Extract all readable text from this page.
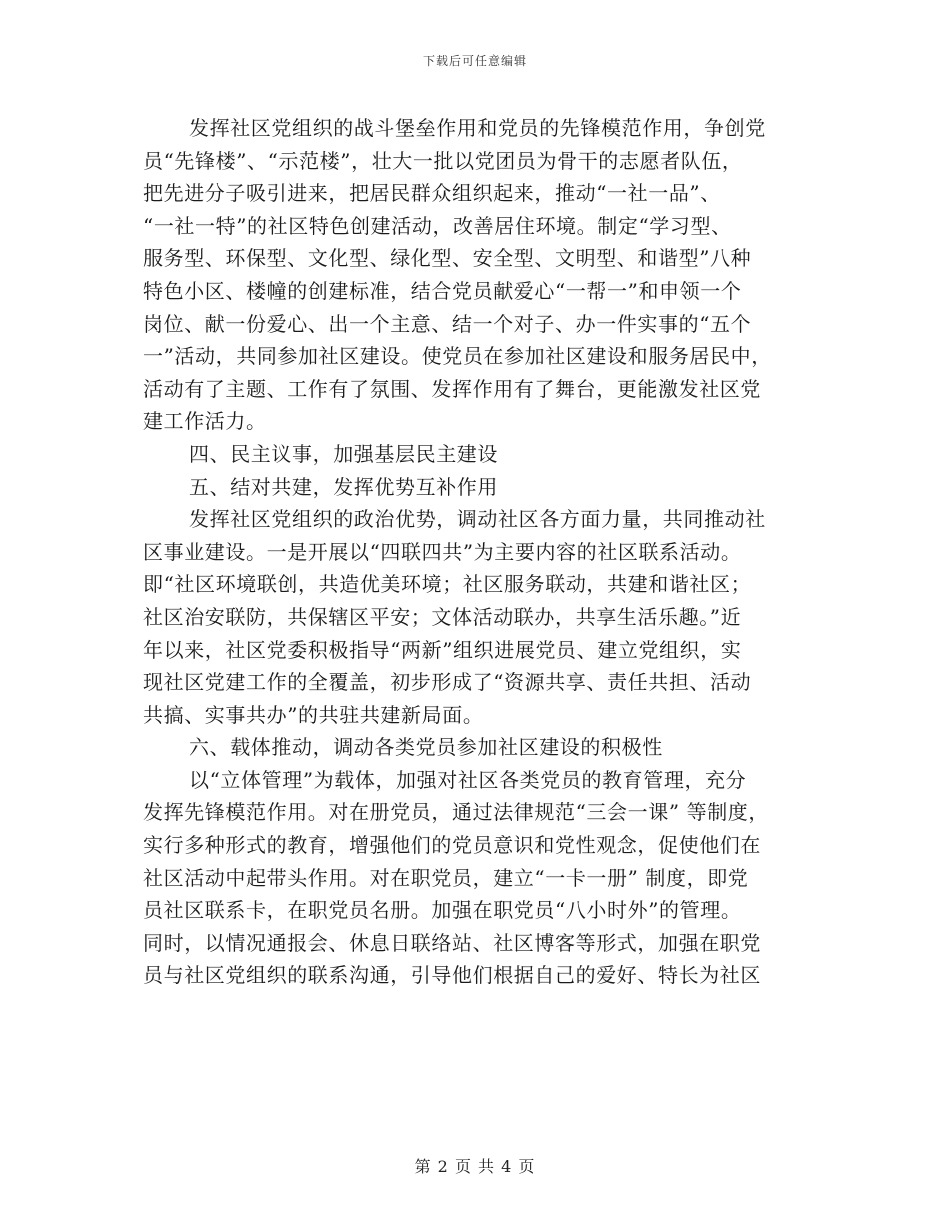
下载后可任意编辑
发挥社区党组织的战斗堡垒作用和党员的先锋模范作用，争创党
员“先锋楼”、“示范楼”，壮大一批以党团员为骨干的志愿者队伍，
把先进分子吸引进来，把居民群众组织起来，推动“一社一品”、
“一社一特”的社区特色创建活动，改善居住环境。制定“学习型、
服务型、环保型、文化型、绿化型、安全型、文明型、和谐型”八种
特色小区、楼幢的创建标准，结合党员献爱心“一帮一”和申领一个
岗位、献一份爱心、出一个主意、结一个对子、办一件实事的“五个
一”活动，共同参加社区建设。使党员在参加社区建设和服务居民中，
活动有了主题、工作有了氛围、发挥作用有了舞台，更能激发社区党
建工作活力。
四、民主议事，加强基层民主建设
五、结对共建，发挥优势互补作用
发挥社区党组织的政治优势，调动社区各方面力量，共同推动社
区事业建设。一是开展以“四联四共”为主要内容的社区联系活动。
即“社区环境联创，共造优美环境；社区服务联动，共建和谐社区；
社区治安联防，共保辖区平安；文体活动联办，共享生活乐趣。”近
年以来，社区党委积极指导“两新”组织进展党员、建立党组织，实
现社区党建工作的全覆盖，初步形成了“资源共享、责任共担、活动
共搞、实事共办”的共驻共建新局面。
六、载体推动，调动各类党员参加社区建设的积极性
以“立体管理”为载体，加强对社区各类党员的教育管理，充分
发挥先锋模范作用。对在册党员，通过法律规范“三会一课” 等制度，
实行多种形式的教育，增强他们的党员意识和党性观念，促使他们在
社区活动中起带头作用。对在职党员，建立“一卡一册” 制度，即党
员社区联系卡，在职党员名册。加强在职党员“八小时外”的管理。
同时，以情况通报会、休息日联络站、社区博客等形式，加强在职党
员与社区党组织的联系沟通，引导他们根据自己的爱好、特长为社区
第 2 页 共 4 页
